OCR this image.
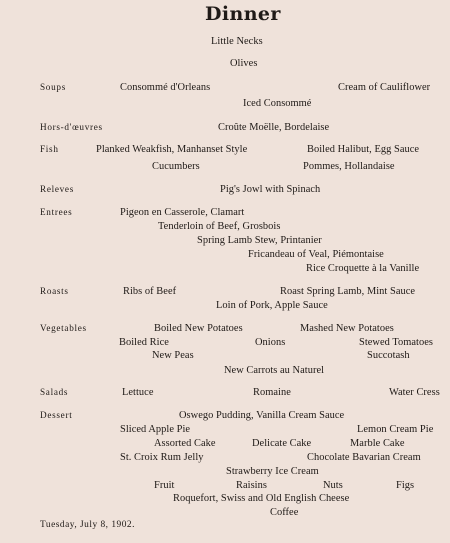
Dinner
Little Necks
Olives
Soups	Consommé d'Orleans	Cream of Cauliflower
Iced Consommé
Hors-d'œuvres	Croûte Moëlle, Bordelaise
Fish	Planked Weakfish, Manhanset Style	Boiled Halibut, Egg Sauce
Cucumbers	Pommes, Hollandaise
Releves	Pig's Jowl with Spinach
Entrees	Pigeon en Casserole, Clamart
Tenderloin of Beef, Grosbois
Spring Lamb Stew, Printanier
Fricandeau of Veal, Piémontaise
Rice Croquette à la Vanille
Roasts	Ribs of Beef	Roast Spring Lamb, Mint Sauce
Loin of Pork, Apple Sauce
Vegetables	Boiled New Potatoes	Mashed New Potatoes
Boiled Rice	Onions	Stewed Tomatoes
New Peas	Succotash
New Carrots au Naturel
Salads	Lettuce	Romaine	Water Cress
Dessert	Oswego Pudding, Vanilla Cream Sauce
Sliced Apple Pie	Lemon Cream Pie
Assorted Cake	Delicate Cake	Marble Cake
St. Croix Rum Jelly	Chocolate Bavarian Cream
Strawberry Ice Cream
Fruit	Raisins	Nuts	Figs
Roquefort, Swiss and Old English Cheese
Coffee
Tuesday, July 8, 1902.
